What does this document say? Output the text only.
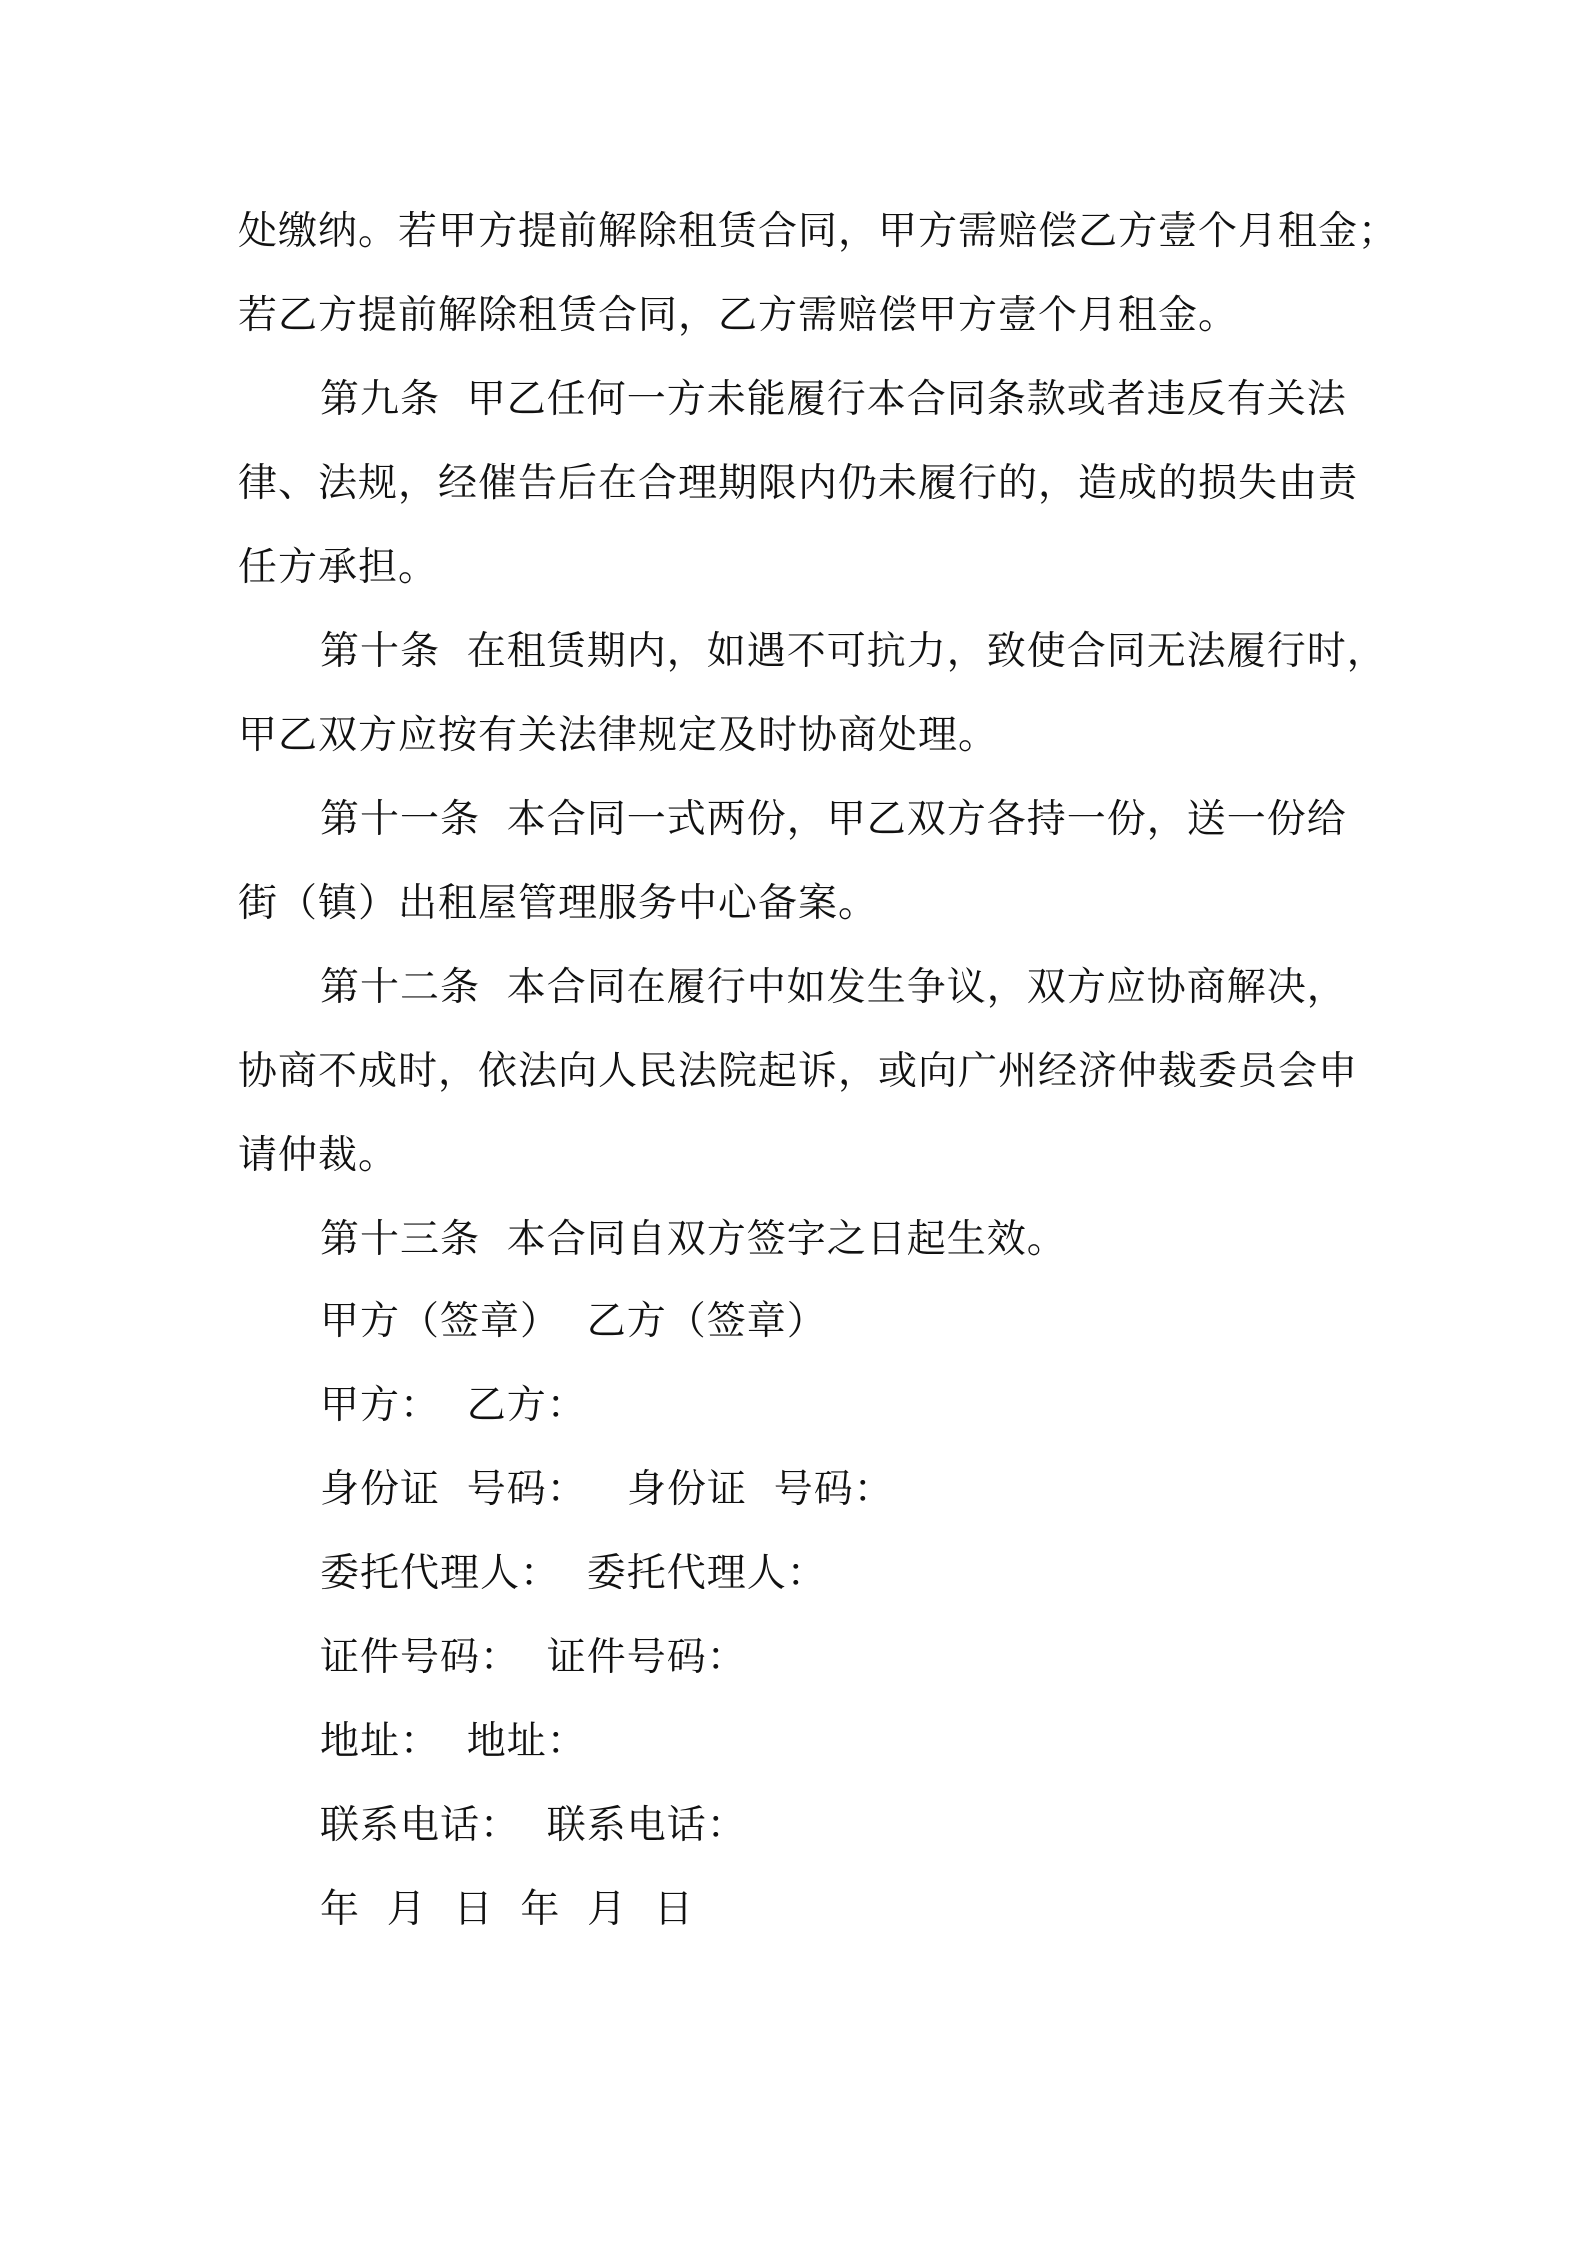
处缴纳。若甲方提前解除租赁合同，甲方需赔偿乙方壹个月租金；
若乙方提前解除租赁合同，乙方需赔偿甲方壹个月租金。

第九条  甲乙任何一方未能履行本合同条款或者违反有关法
律、法规，经催告后在合理期限内仍未履行的，造成的损失由责
任方承担。

第十条  在租赁期内，如遇不可抗力，致使合同无法履行时，
甲乙双方应按有关法律规定及时协商处理。

第十一条  本合同一式两份，甲乙双方各持一份，送一份给
街（镇）出租屋管理服务中心备案。

第十二条  本合同在履行中如发生争议，双方应协商解决，
协商不成时，依法向人民法院起诉，或向广州经济仲裁委员会申
请仲裁。

第十三条  本合同自双方签字之日起生效。

甲方（签章）  乙方（签章）
甲方：  乙方：
身份证  号码：   身份证  号码：
委托代理人：  委托代理人：
证件号码：  证件号码：
地址：  地址：
联系电话：  联系电话：
年  月  日  年  月  日
